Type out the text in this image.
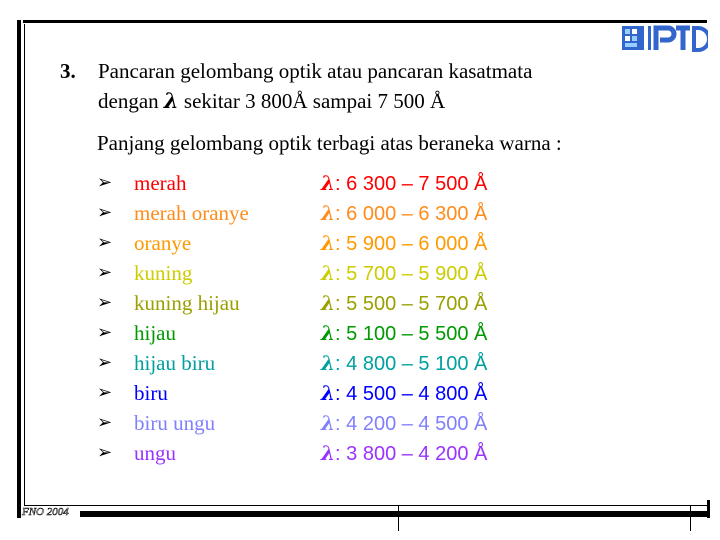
3. Pancaran gelombang optik atau pancaran kasatmata
dengan λ sekitar 3 800Å sampai 7 500 Å
Panjang gelombang optik terbagi atas beraneka warna :
➢ merah	λ: 6 300 – 7 500 Å
➢ merah oranye	λ: 6 000 – 6 300 Å
➢ oranye	λ: 5 900 – 6 000 Å
➢ kuning	λ: 5 700 – 5 900 Å
➢ kuning hijau	λ: 5 500 – 5 700 Å
➢ hijau	λ: 5 100 – 5 500 Å
➢ hijau biru	λ: 4 800 – 5 100 Å
➢ biru	λ: 4 500 – 4 800 Å
➢ biru ungu	λ: 4 200 – 4 500 Å
➢ ungu	λ: 3 800 – 4 200 Å
FNO 2004
